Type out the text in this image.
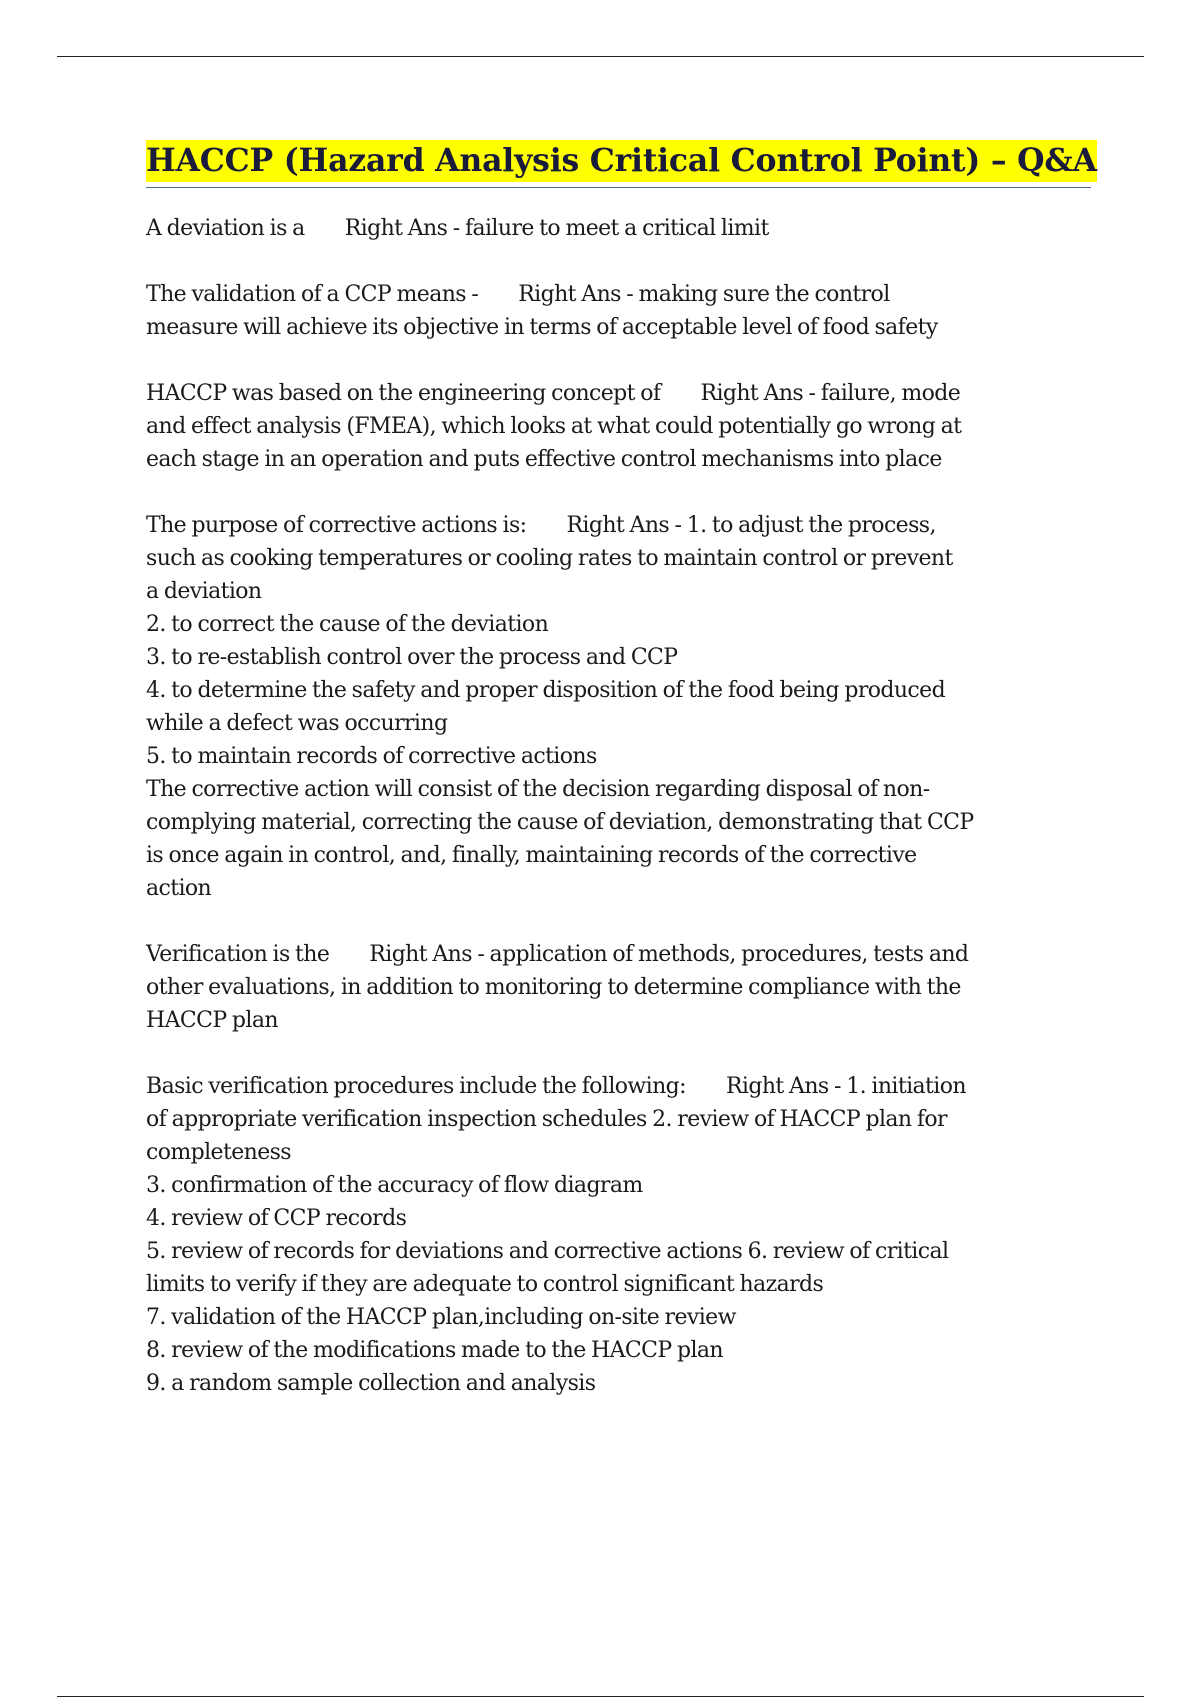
HACCP (Hazard Analysis Critical Control Point) – Q&A
A deviation is a Right Ans - failure to meet a critical limit
The validation of a CCP means - Right Ans - making sure the control
measure will achieve its objective in terms of acceptable level of food safety
HACCP was based on the engineering concept of Right Ans - failure, mode
and effect analysis (FMEA), which looks at what could potentially go wrong at
each stage in an operation and puts effective control mechanisms into place
The purpose of corrective actions is: Right Ans - 1. to adjust the process,
such as cooking temperatures or cooling rates to maintain control or prevent
a deviation
2. to correct the cause of the deviation
3. to re-establish control over the process and CCP
4. to determine the safety and proper disposition of the food being produced
while a defect was occurring
5. to maintain records of corrective actions
The corrective action will consist of the decision regarding disposal of non-
complying material, correcting the cause of deviation, demonstrating that CCP
is once again in control, and, finally, maintaining records of the corrective
action
Verification is the Right Ans - application of methods, procedures, tests and
other evaluations, in addition to monitoring to determine compliance with the
HACCP plan
Basic verification procedures include the following: Right Ans - 1. initiation
of appropriate verification inspection schedules 2. review of HACCP plan for
completeness
3. confirmation of the accuracy of flow diagram
4. review of CCP records
5. review of records for deviations and corrective actions 6. review of critical
limits to verify if they are adequate to control significant hazards
7. validation of the HACCP plan,including on-site review
8. review of the modifications made to the HACCP plan
9. a random sample collection and analysis
